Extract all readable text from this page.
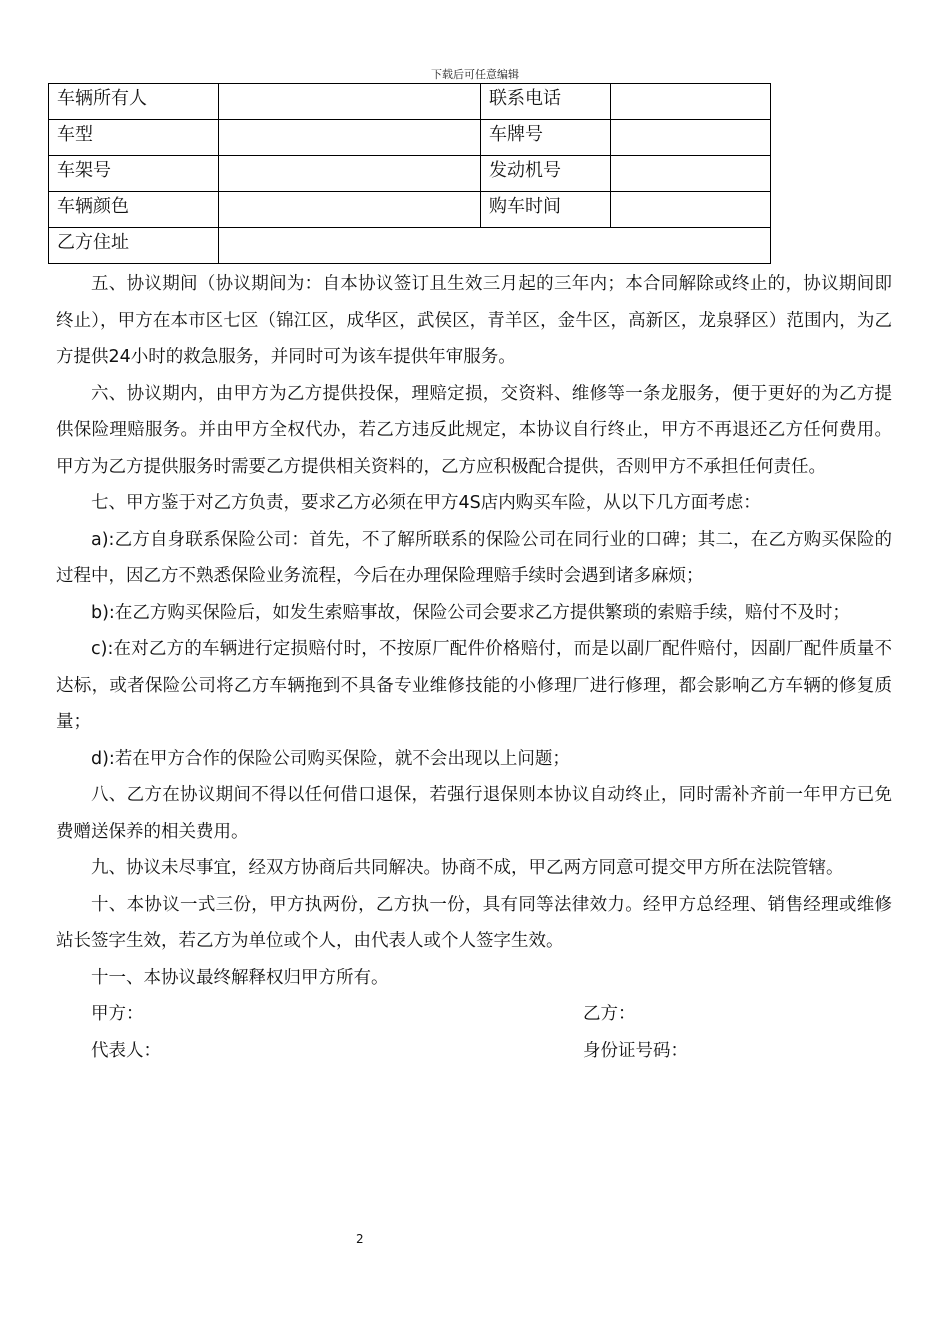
下载后可任意编辑
车辆所有人		联系电话	
车型		车牌号	
车架号		发动机号	
车辆颜色		购车时间	
乙方住址			

五、协议期间（协议期间为：自本协议签订且生效三月起的三年内；本合同解除或终止的，协议期间即终止），甲方在本市区七区（锦江区，成华区，武侯区，青羊区，金牛区，高新区，龙泉驿区）范围内，为乙方提供24小时的救急服务，并同时可为该车提供年审服务。

六、协议期内，由甲方为乙方提供投保，理赔定损，交资料、维修等一条龙服务，便于更好的为乙方提供保险理赔服务。并由甲方全权代办，若乙方违反此规定，本协议自行终止，甲方不再退还乙方任何费用。甲方为乙方提供服务时需要乙方提供相关资料的，乙方应积极配合提供，否则甲方不承担任何责任。

七、甲方鉴于对乙方负责，要求乙方必须在甲方4S店内购买车险，从以下几方面考虑：

a):乙方自身联系保险公司：首先，不了解所联系的保险公司在同行业的口碑；其二，在乙方购买保险的过程中，因乙方不熟悉保险业务流程，今后在办理保险理赔手续时会遇到诸多麻烦；

b):在乙方购买保险后，如发生索赔事故，保险公司会要求乙方提供繁琐的索赔手续，赔付不及时；

c):在对乙方的车辆进行定损赔付时，不按原厂配件价格赔付，而是以副厂配件赔付，因副厂配件质量不达标，或者保险公司将乙方车辆拖到不具备专业维修技能的小修理厂进行修理，都会影响乙方车辆的修复质量；

d):若在甲方合作的保险公司购买保险，就不会出现以上问题；

八、乙方在协议期间不得以任何借口退保，若强行退保则本协议自动终止，同时需补齐前一年甲方已免费赠送保养的相关费用。

九、协议未尽事宜，经双方协商后共同解决。协商不成，甲乙两方同意可提交甲方所在法院管辖。

十、本协议一式三份，甲方执两份，乙方执一份，具有同等法律效力。经甲方总经理、销售经理或维修站长签字生效，若乙方为单位或个人，由代表人或个人签字生效。

十一、本协议最终解释权归甲方所有。

甲方：	乙方：
代表人：	身份证号码：
2
